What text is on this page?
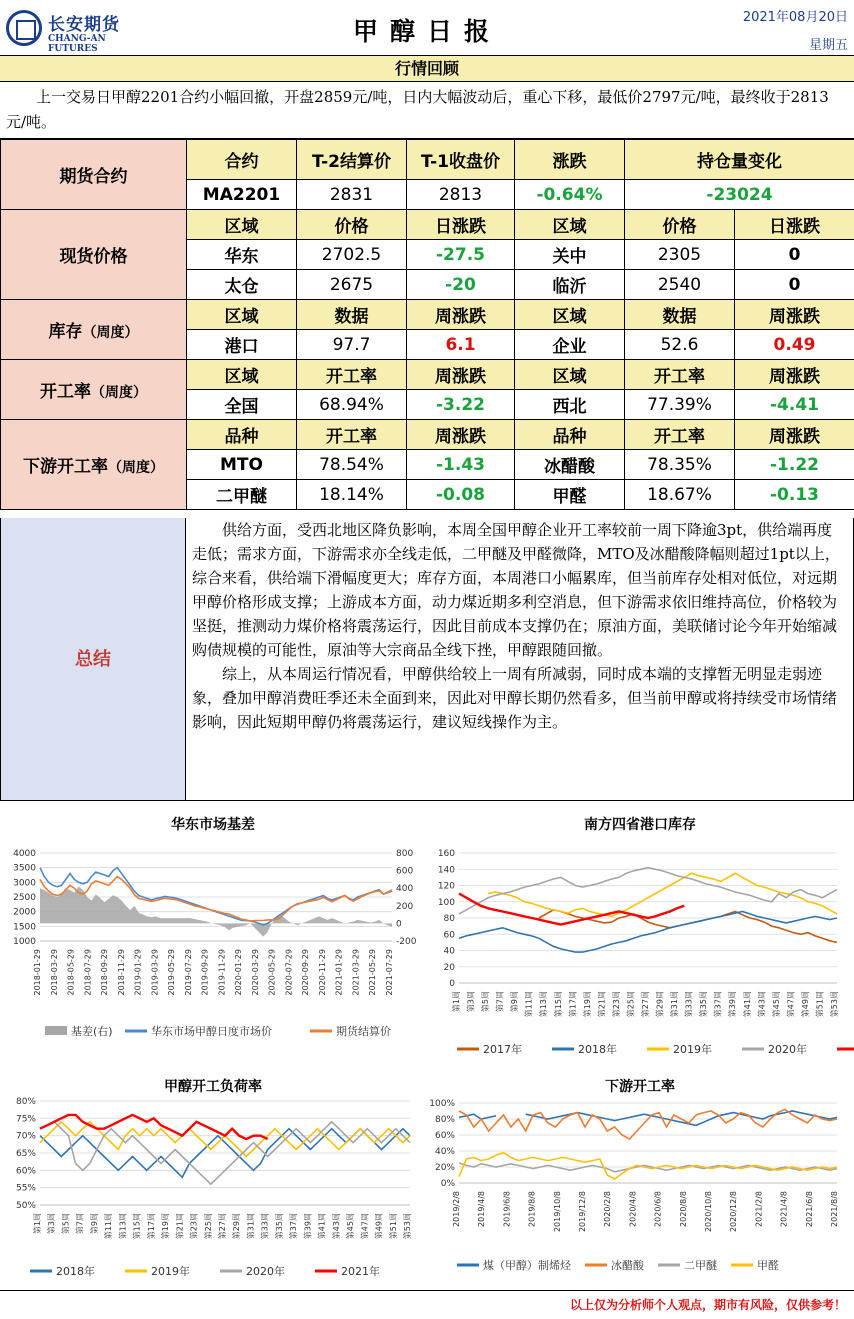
长安期货
CHANG-AN FUTURES
甲醇日报	2021年08月20日
星期五
行情回顾
上一交易日甲醇2201合约小幅回撤，开盘2859元/吨，日内大幅波动后，重心下移，最低价2797元/吨，最终收于2813元/吨。
期货合约	合约	T-2结算价	T-1收盘价	涨跌	持仓量变化	
	MA2201	2831	2813	-0.64%	-23024	
现货价格	区域	价格	日涨跌	区域	价格	日涨跌
	华东	2702.5	-27.5	关中	2305	0
	太仓	2675	-20	临沂	2540	0
库存（周度）	区域	数据	周涨跌	区域	数据	周涨跌
	港口	97.7	6.1	企业	52.6	0.49
开工率（周度）	区域	开工率	周涨跌	区域	开工率	周涨跌
	全国	68.94%	-3.22	西北	77.39%	-4.41
下游开工率（周度）	品种	开工率	周涨跌	品种	开工率	周涨跌
	MTO	78.54%	-1.43	冰醋酸	78.35%	-1.22
	二甲醚	18.14%	-0.08	甲醛	18.67%	-0.13
总结

供给方面，受西北地区降负影响，本周全国甲醇企业开工率较前一周下降逾3pt，供给端再度走低；需求方面，下游需求亦全线走低，二甲醚及甲醛微降，MTO及冰醋酸降幅则超过1pt以上，综合来看，供给端下滑幅度更大；库存方面，本周港口小幅累库，但当前库存处相对低位，对远期甲醇价格形成支撑；上游成本方面，动力煤近期多利空消息，但下游需求依旧维持高位，价格较为坚挺，推测动力煤价格将震荡运行，因此目前成本支撑仍在；原油方面，美联储讨论今年开始缩减购债规模的可能性，原油等大宗商品全线下挫，甲醇跟随回撤。

综上，从本周运行情况看，甲醇供给较上一周有所减弱，同时成本端的支撑暂无明显走弱迹象，叠加甲醇消费旺季还未全面到来，因此对甲醇长期仍然看多，但当前甲醇或将持续受市场情绪影响，因此短期甲醇仍将震荡运行，建议短线操作为主。

华东市场基差
4000
3500
3000
2500
2000
1500
1000
800
600
400
200
0
-200
2018-01-29 2018-03-29 2018-05-29 2018-07-29 2018-09-29 2018-11-29 2019-01-29 2019-03-29 2019-05-29 2019-07-29 2019-09-29 2019-11-29 2020-01-29 2020-03-29 2020-05-29 2020-07-29 2020-09-29 2020-11-29 2021-01-29 2021-03-29 2021-05-29 2021-07-29
基差(右)	华东市场甲醇日度市场价	期货结算价
南方四省港口库存
160
140
120
100
80
60
40
20
0
第1周 第3周 第5周 第7周 第9周 第11周 第13周 第15周 第17周 第19周 第21周 第23周 第25周 第27周 第29周 第31周 第33周 第35周 第37周 第39周 第41周 第43周 第45周 第47周 第49周 第51周 第53周
2017年	2018年	2019年	2020年
甲醇开工负荷率
80%
75%
70%
65%
60%
55%
50%
第1周 第3周 第5周 第7周 第9周 第11周 第13周 第15周 第17周 第19周 第21周 第23周 第25周 第27周 第29周 第31周 第33周 第35周 第37周 第39周 第41周 第43周 第45周 第47周 第49周 第51周 第53周
2018年	2019年	2020年	2021年
下游开工率
100%
80%
60%
40%
20%
0%
2019/2/8 2019/4/8 2019/6/8 2019/8/8 2019/10/8 2019/12/8 2020/2/8 2020/4/8 2020/6/8 2020/8/8 2020/10/8 2020/12/8 2021/2/8 2021/4/8 2021/6/8 2021/8/8
煤（甲醇）制烯烃	冰醋酸	二甲醚	甲醛
以上仅为分析师个人观点，期市有风险，仅供参考！
